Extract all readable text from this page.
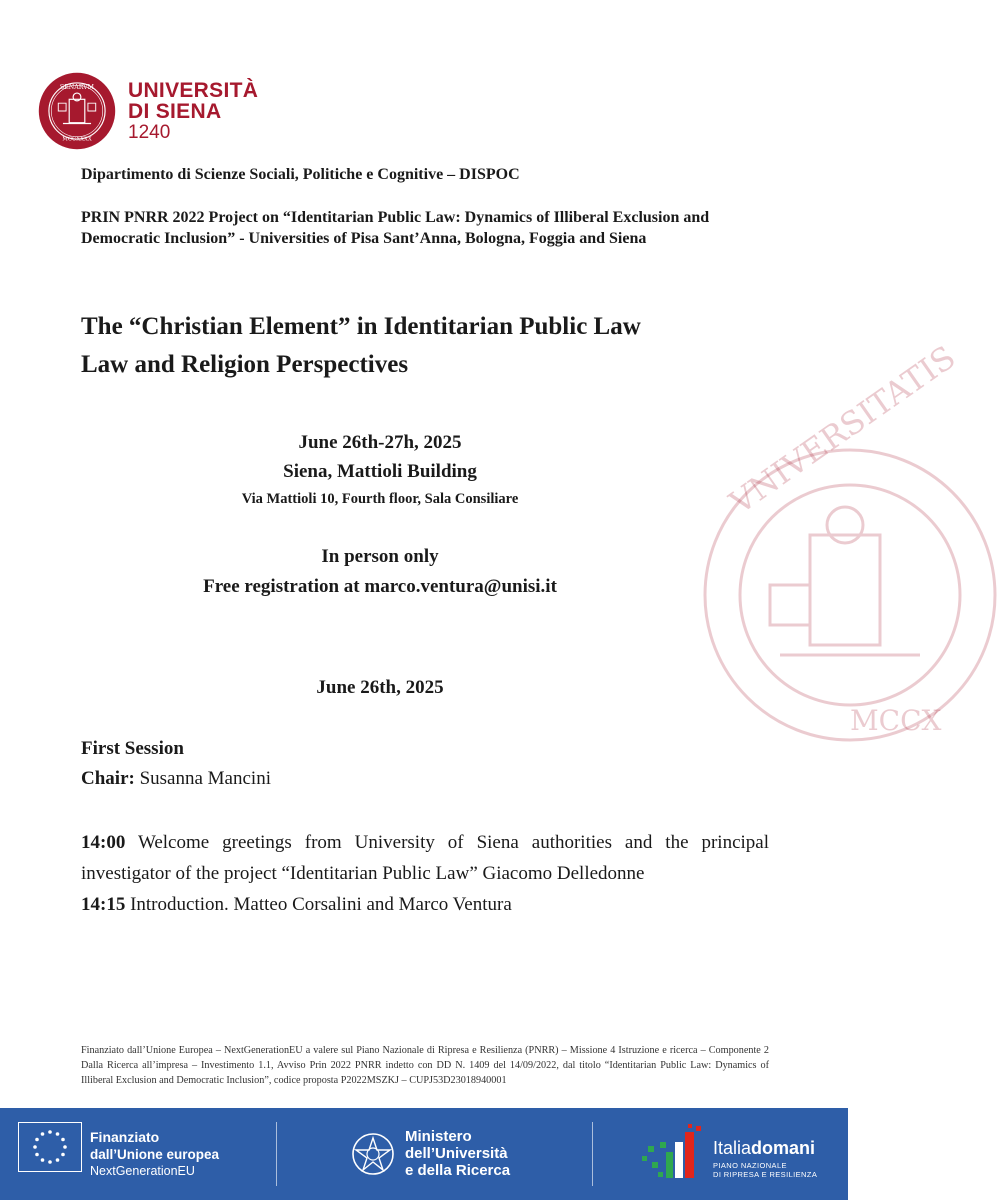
SENARVM
MCCXXXX
UNIVERSITÀ
DI SIENA
1240
VNIVERSITATIS
MCCX
Dipartimento di Scienze Sociali, Politiche e Cognitive – DISPOC
PRIN PNRR 2022 Project on “Identitarian Public Law: Dynamics of Illiberal Exclusion and Democratic Inclusion” - Universities of Pisa Sant’Anna, Bologna, Foggia and Siena
The “Christian Element” in Identitarian Public Law
Law and Religion Perspectives
June 26th-27h, 2025
Siena, Mattioli Building
Via Mattioli 10, Fourth floor, Sala Consiliare
In person only
Free registration at marco.ventura@unisi.it
June 26th, 2025
First Session
Chair: Susanna Mancini

14:00 Welcome greetings from University of Siena authorities and the principal investigator of the project “Identitarian Public Law” Giacomo Delledonne

14:15 Introduction. Matteo Corsalini and Marco Ventura

Finanziato dall’Unione Europea – NextGenerationEU a valere sul Piano Nazionale di Ripresa e Resilienza (PNRR) – Missione 4 Istruzione e ricerca – Componente 2 Dalla Ricerca all’impresa – Investimento 1.1, Avviso Prin 2022 PNRR indetto con DD N. 1409 del 14/09/2022, dal titolo “Identitarian Public Law: Dynamics of Illiberal Exclusion and Democratic Inclusion”, codice proposta P2022MSZKJ – CUPJ53D23018940001
Finanziato
dall’Unione europea
NextGenerationEU
Ministero
dell’Università
e della Ricerca
Italiadomani
PIANO NAZIONALE
DI RIPRESA E RESILIENZA
